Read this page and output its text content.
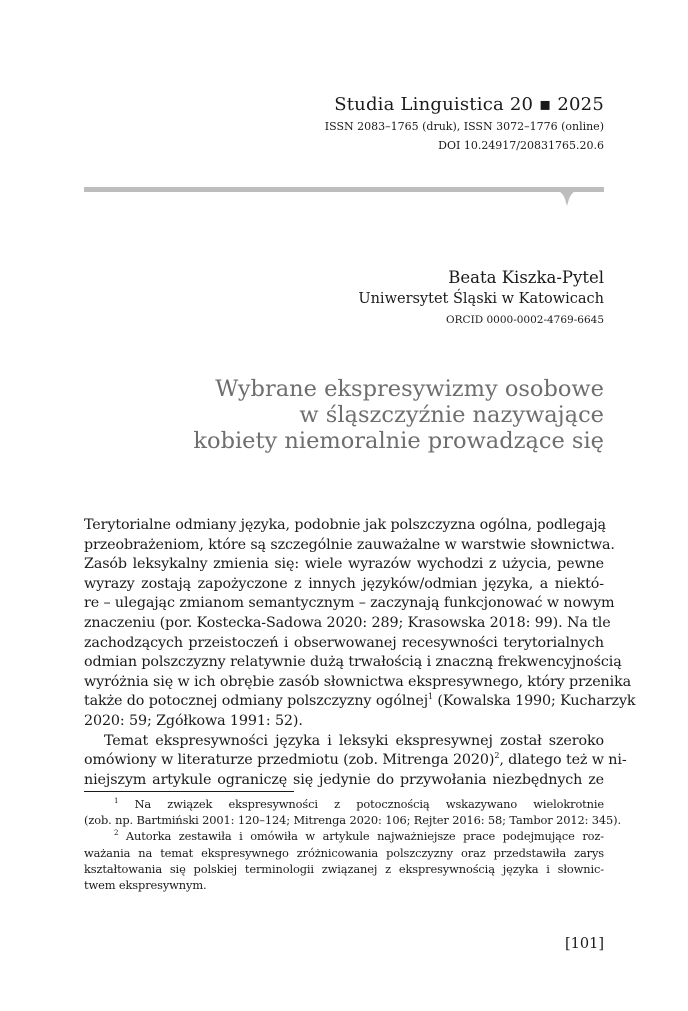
Studia Linguistica 20 ▪ 2025
ISSN 2083–1765 (druk), ISSN 3072–1776 (online)
DOI 10.24917/20831765.20.6
Beata Kiszka-Pytel
Uniwersytet Śląski w Katowicach
ORCID 0000-0002-4769-6645
Wybrane ekspresywizmy osobowe
w śląszczyźnie nazywające
kobiety niemoralnie prowadzące się
Terytorialne odmiany języka, podobnie jak polszczyzna ogólna, podlegają
przeobrażeniom, które są szczególnie zauważalne w warstwie słownictwa.
Zasób leksykalny zmienia się: wiele wyrazów wychodzi z użycia, pewne
wyrazy zostają zapożyczone z innych języków/odmian języka, a niektó-
re – ulegając zmianom semantycznym – zaczynają funkcjonować w nowym
znaczeniu (por. Kostecka-Sadowa 2020: 289; Krasowska 2018: 99). Na tle
zachodzących przeistoczeń i obserwowanej recesywności terytorialnych
odmian polszczyzny relatywnie dużą trwałością i znaczną frekwencyjnością
wyróżnia się w ich obrębie zasób słownictwa ekspresywnego, który przenika
także do potocznej odmiany polszczyzny ogólnej$^1$ (Kowalska 1990; Kucharzyk
2020: 59; Zgółkowa 1991: 52).
Temat ekspresywności języka i leksyki ekspresywnej został szeroko
omówiony w literaturze przedmiotu (zob. Mitrenga 2020)$^2$, dlatego też w ni-
niejszym artykule ograniczę się jedynie do przywołania niezbędnych ze
$^1$ Na związek ekspresywności z potocznością wskazywano wielokrotnie
(zob. np. Bartmiński 2001: 120–124; Mitrenga 2020: 106; Rejter 2016: 58; Tambor 2012: 345).
$^2$ Autorka zestawiła i omówiła w artykule najważniejsze prace podejmujące roz-
ważania na temat ekspresywnego zróżnicowania polszczyzny oraz przedstawiła zarys
kształtowania się polskiej terminologii związanej z ekspresywnością języka i słownic-
twem ekspresywnym.
[101]
